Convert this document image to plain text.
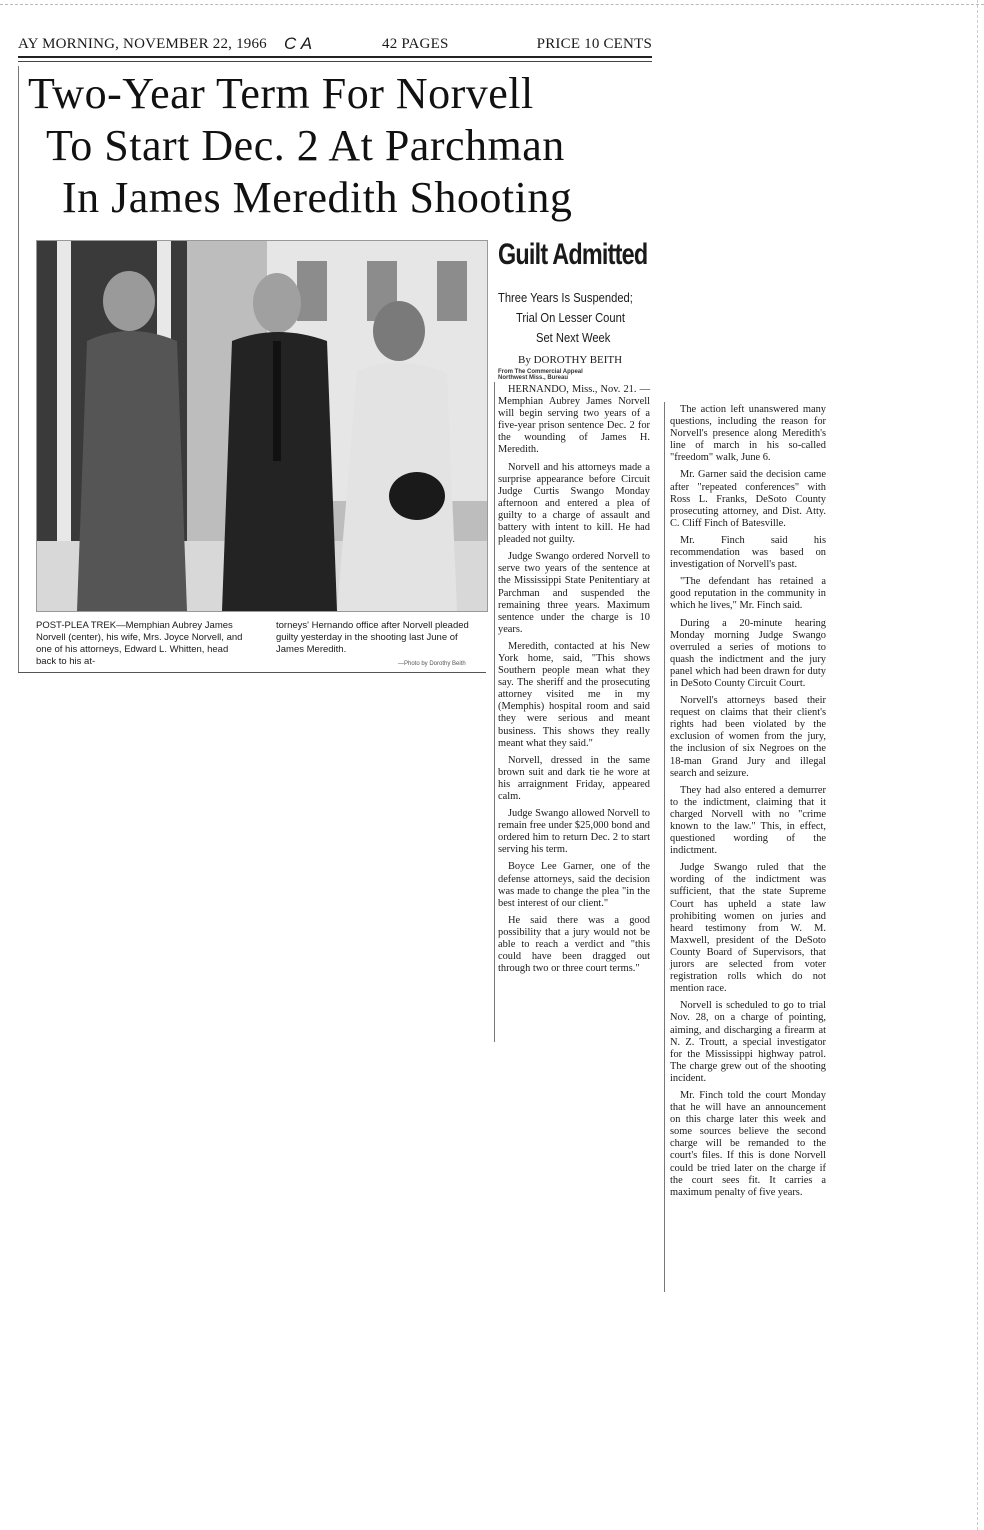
AY MORNING, NOVEMBER 22, 1966 C A	42 PAGES	PRICE 10 CENTS
Two-Year Term For Norvell
To Start Dec. 2 At Parchman
In James Meredith Shooting
POST-PLEA TREK—Memphian Aubrey James Norvell (center), his wife, Mrs. Joyce Norvell, and one of his attorneys, Edward L. Whitten, head back to his at-
torneys' Hernando office after Norvell pleaded guilty yesterday in the shooting last June of James Meredith.
—Photo by Dorothy Beith
Guilt Admitted
Three Years Is Suspended;
Trial On Lesser Count
Set Next Week
By DOROTHY BEITH
From The Commercial Appeal
Northwest Miss., Bureau

HERNANDO, Miss., Nov. 21. — Memphian Aubrey James Norvell will begin serving two years of a five-year prison sentence Dec. 2 for the wounding of James H. Meredith.

Norvell and his attorneys made a surprise appearance before Circuit Judge Curtis Swango Monday afternoon and entered a plea of guilty to a charge of assault and battery with intent to kill. He had pleaded not guilty.

Judge Swango ordered Norvell to serve two years of the sentence at the Mississippi State Penitentiary at Parchman and suspended the remaining three years. Maximum sentence under the charge is 10 years.

Meredith, contacted at his New York home, said, "This shows Southern people mean what they say. The sheriff and the prosecuting attorney visited me in my (Memphis) hospital room and said they were serious and meant business. This shows they really meant what they said."

Norvell, dressed in the same brown suit and dark tie he wore at his arraignment Friday, appeared calm.

Judge Swango allowed Norvell to remain free under $25,000 bond and ordered him to return Dec. 2 to start serving his term.

Boyce Lee Garner, one of the defense attorneys, said the decision was made to change the plea "in the best interest of our client."

He said there was a good possibility that a jury would not be able to reach a verdict and "this could have been dragged out through two or three court terms."

The action left unanswered many questions, including the reason for Norvell's presence along Meredith's line of march in his so-called "freedom" walk, June 6.

Mr. Garner said the decision came after "repeated conferences" with Ross L. Franks, DeSoto County prosecuting attorney, and Dist. Atty. C. Cliff Finch of Batesville.

Mr. Finch said his recommendation was based on investigation of Norvell's past.

"The defendant has retained a good reputation in the community in which he lives," Mr. Finch said.

During a 20-minute hearing Monday morning Judge Swango overruled a series of motions to quash the indictment and the jury panel which had been drawn for duty in DeSoto County Circuit Court.

Norvell's attorneys based their request on claims that their client's rights had been violated by the exclusion of women from the jury, the inclusion of six Negroes on the 18-man Grand Jury and illegal search and seizure.

They had also entered a demurrer to the indictment, claiming that it charged Norvell with no "crime known to the law." This, in effect, questioned wording of the indictment.

Judge Swango ruled that the wording of the indictment was sufficient, that the state Supreme Court has upheld a state law prohibiting women on juries and heard testimony from W. M. Maxwell, president of the DeSoto County Board of Supervisors, that jurors are selected from voter registration rolls which do not mention race.

Norvell is scheduled to go to trial Nov. 28, on a charge of pointing, aiming, and discharging a firearm at N. Z. Troutt, a special investigator for the Mississippi highway patrol. The charge grew out of the shooting incident.

Mr. Finch told the court Monday that he will have an announcement on this charge later this week and some sources believe the second charge will be remanded to the court's files. If this is done Norvell could be tried later on the charge if the court sees fit. It carries a maximum penalty of five years.
